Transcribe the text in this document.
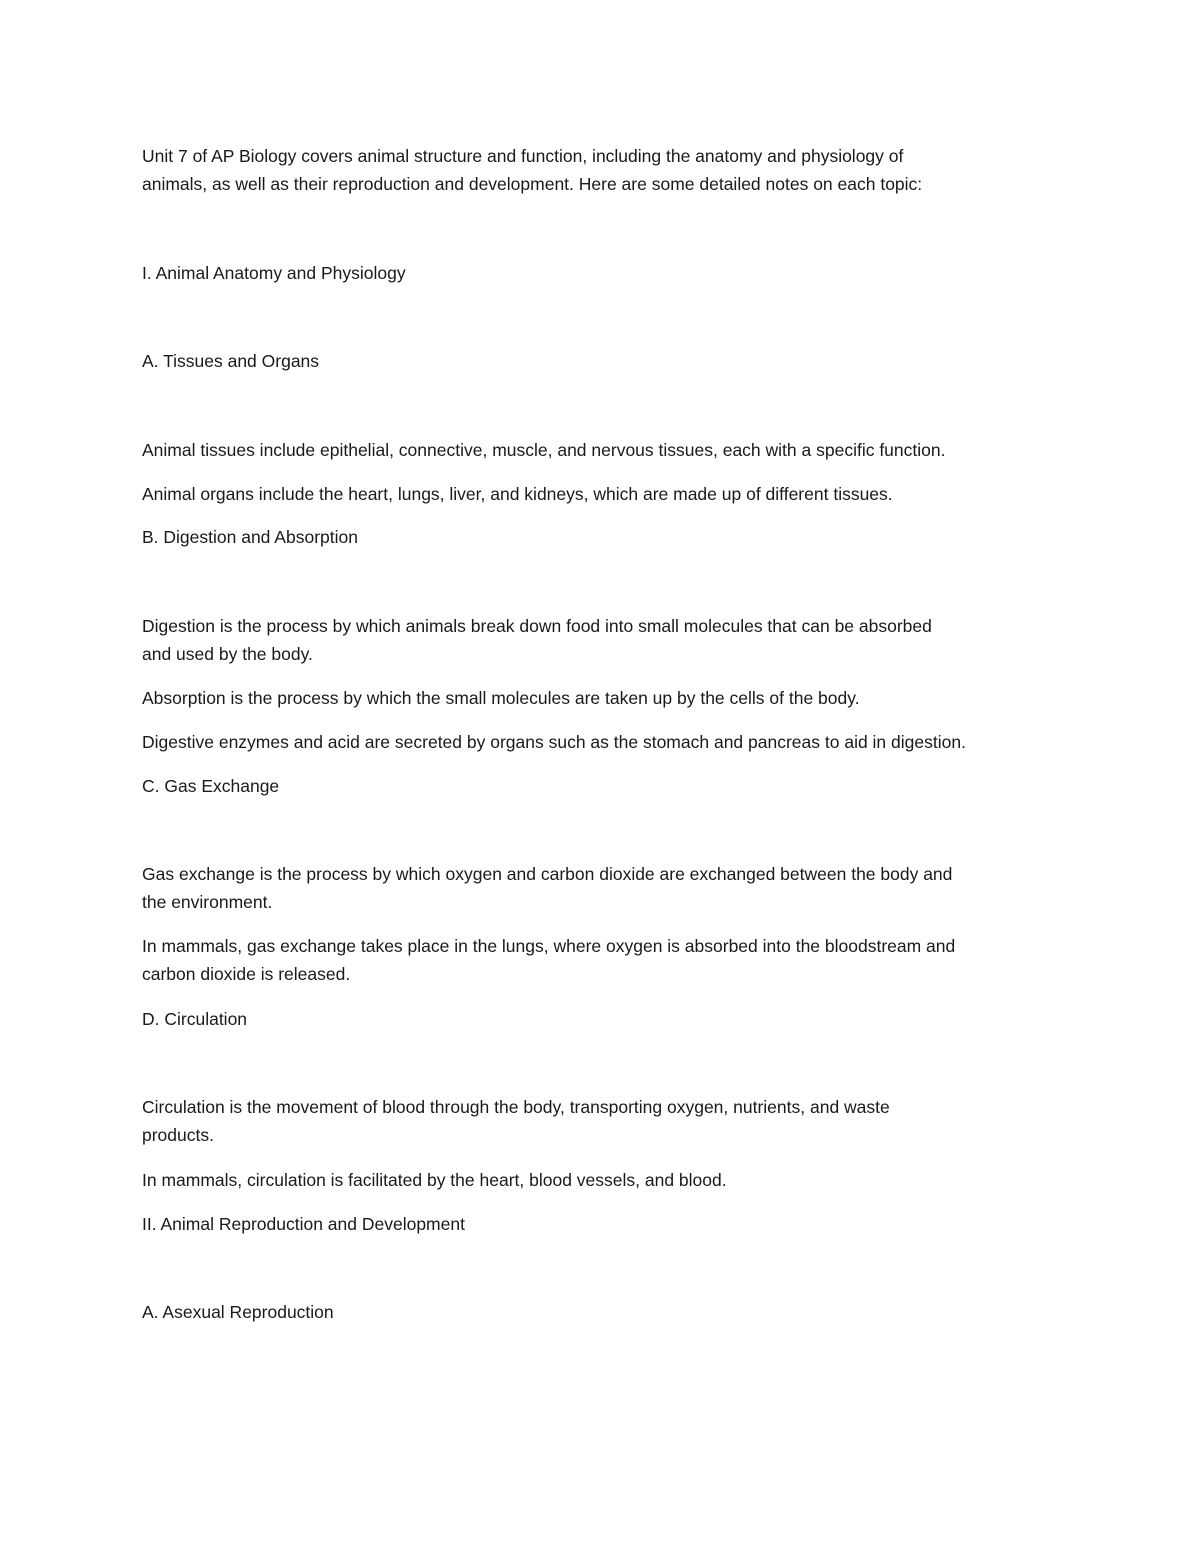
Unit 7 of AP Biology covers animal structure and function, including the anatomy and physiology of

animals, as well as their reproduction and development. Here are some detailed notes on each topic:

I. Animal Anatomy and Physiology

A. Tissues and Organs

Animal tissues include epithelial, connective, muscle, and nervous tissues, each with a specific function.

Animal organs include the heart, lungs, liver, and kidneys, which are made up of different tissues.

B. Digestion and Absorption

Digestion is the process by which animals break down food into small molecules that can be absorbed

and used by the body.

Absorption is the process by which the small molecules are taken up by the cells of the body.

Digestive enzymes and acid are secreted by organs such as the stomach and pancreas to aid in digestion.

C. Gas Exchange

Gas exchange is the process by which oxygen and carbon dioxide are exchanged between the body and

the environment.

In mammals, gas exchange takes place in the lungs, where oxygen is absorbed into the bloodstream and

carbon dioxide is released.

D. Circulation

Circulation is the movement of blood through the body, transporting oxygen, nutrients, and waste

products.

In mammals, circulation is facilitated by the heart, blood vessels, and blood.

II. Animal Reproduction and Development

A. Asexual Reproduction
